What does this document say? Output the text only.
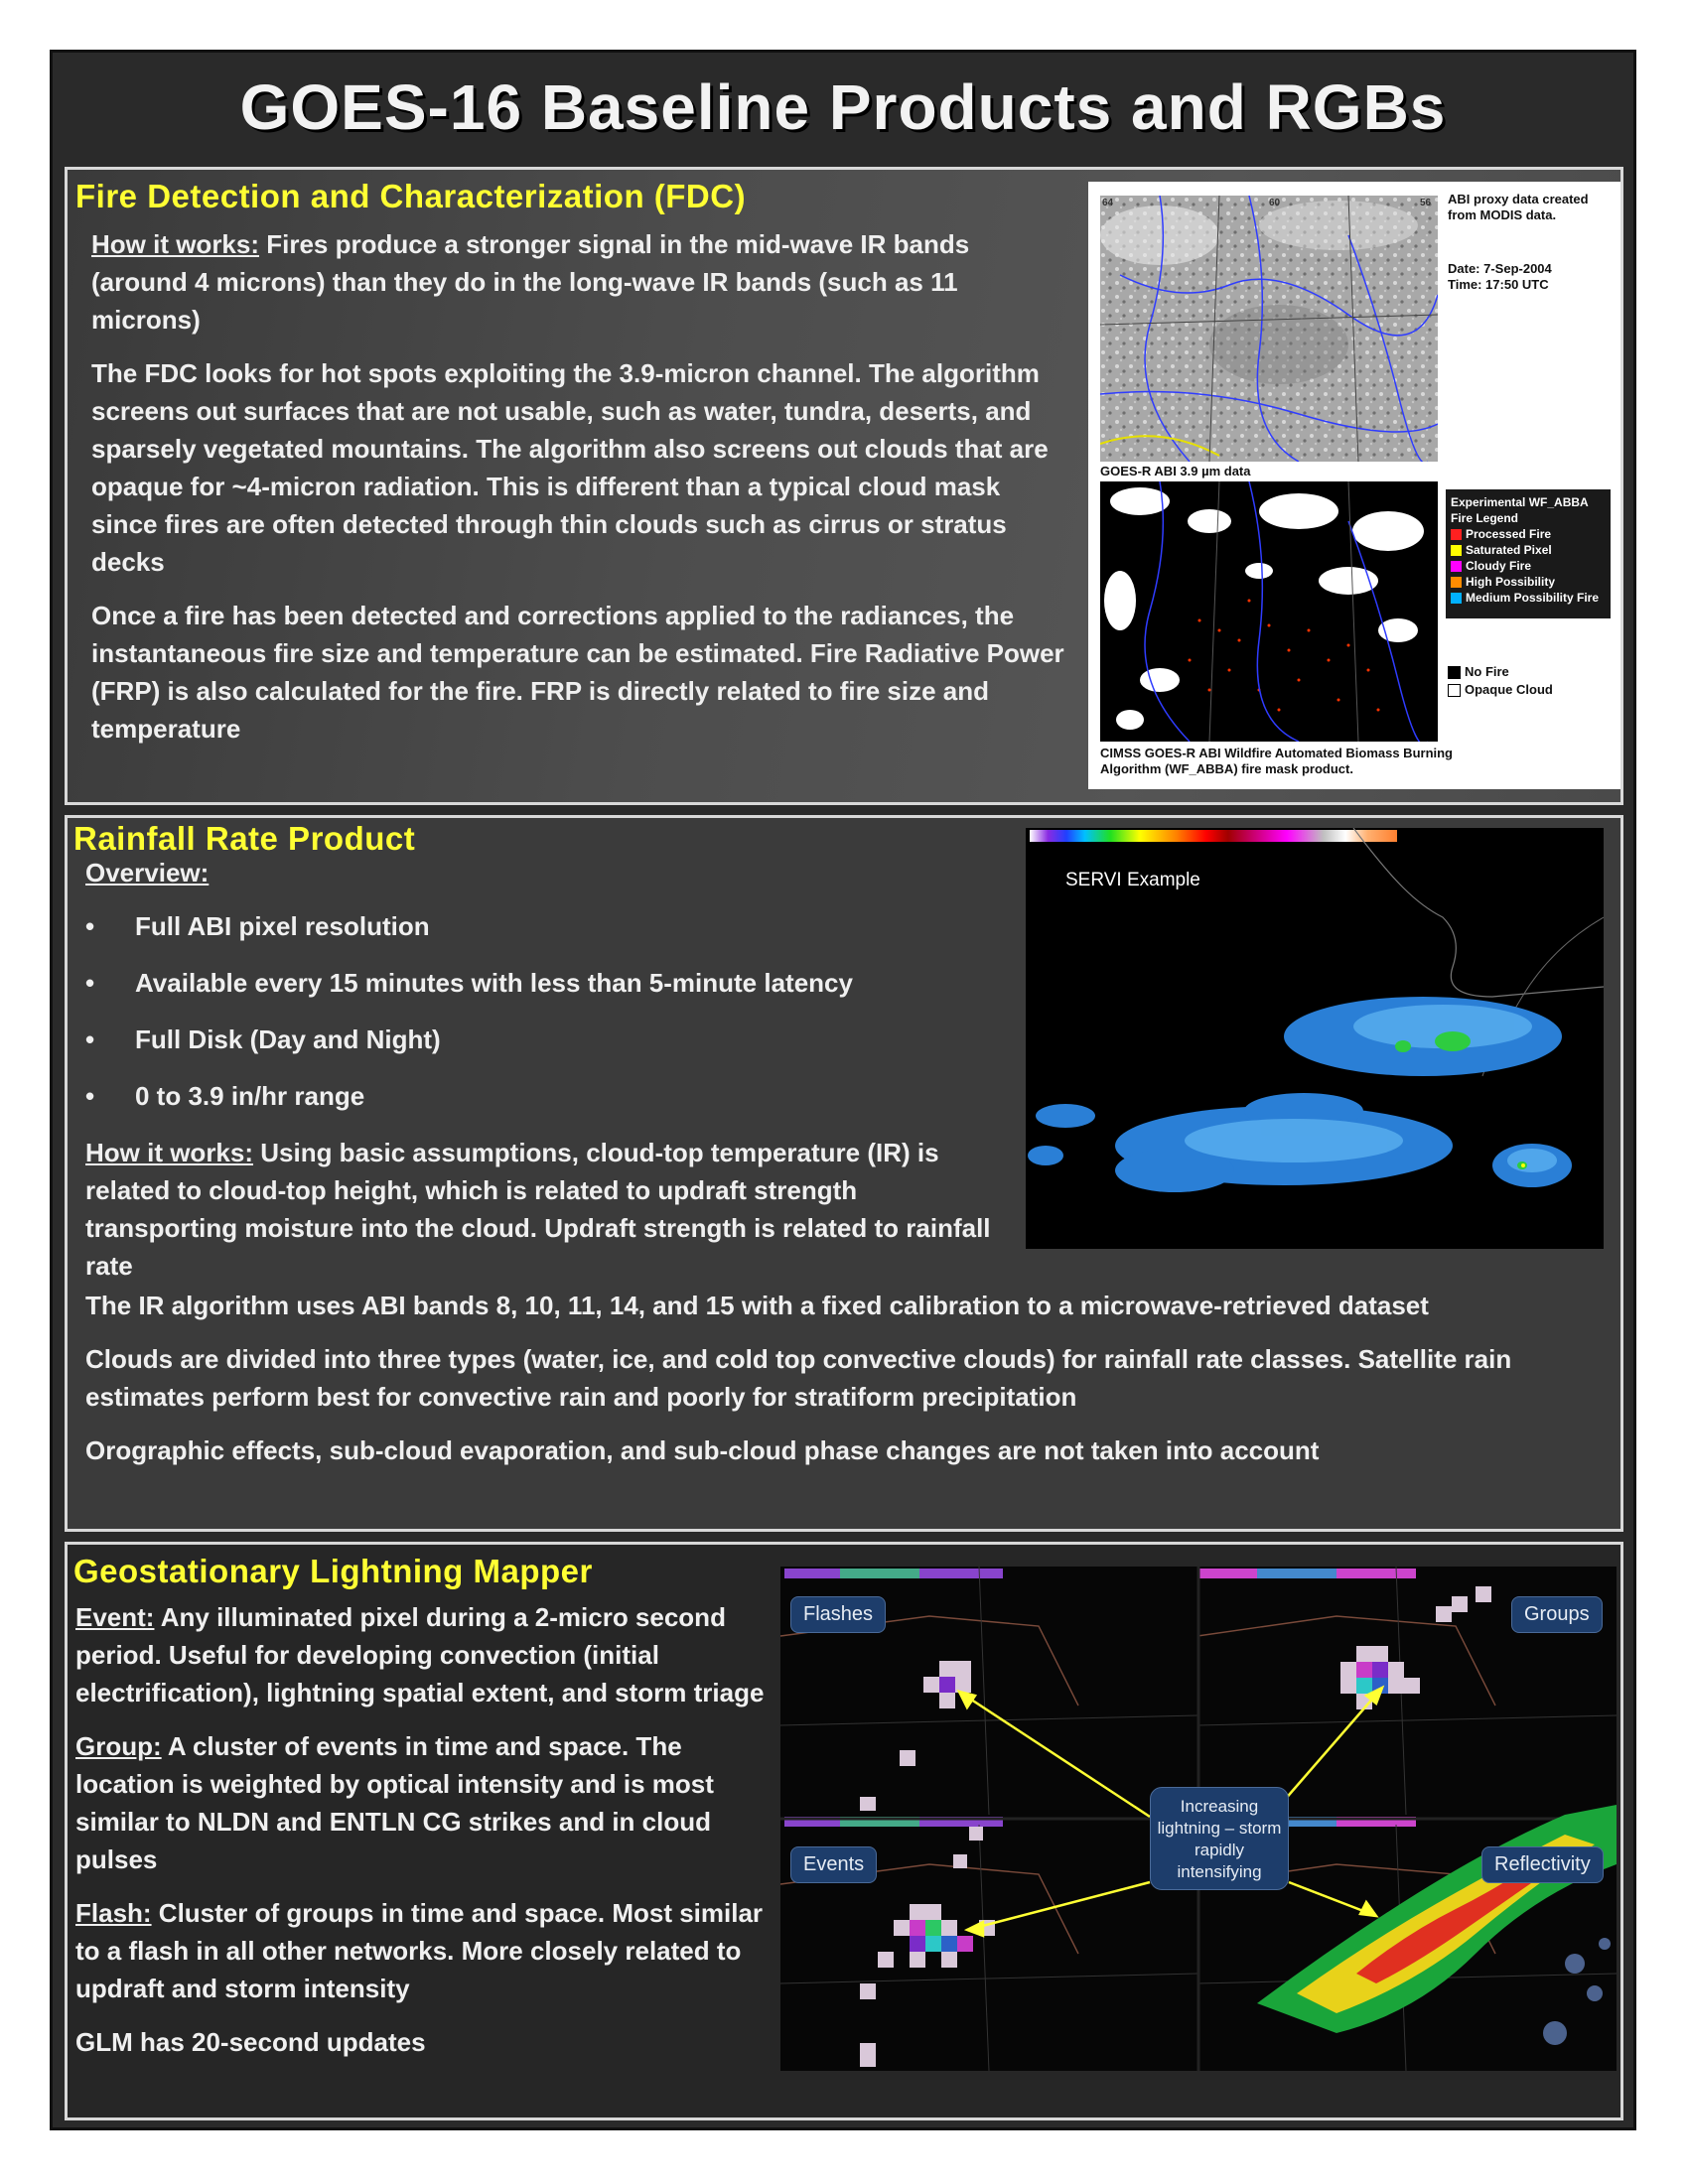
GOES-16 Baseline Products and RGBs
Fire Detection and Characterization (FDC)

How it works: Fires produce a stronger signal in the mid-wave IR bands (around 4 microns) than they do in the long-wave IR bands (such as 11 microns)

The FDC looks for hot spots exploiting the 3.9-micron channel. The algorithm screens out surfaces that are not usable, such as water, tundra, deserts, and sparsely vegetated mountains. The algorithm also screens out clouds that are opaque for ~4-micron radiation. This is different than a typical cloud mask since fires are often detected through thin clouds such as cirrus or stratus decks

Once a fire has been detected and corrections applied to the radiances, the instantaneous fire size and temperature can be estimated. Fire Radiative Power (FRP) is also calculated for the fire. FRP is directly related to fire size and temperature

64	60	56 ABI proxy data created from MODIS data.
Date: 7-Sep-2004
Time: 17:50 UTC
GOES-R ABI 3.9 µm data
Experimental WF_ABBA Fire Legend
Processed Fire
Saturated Pixel
Cloudy Fire
High Possibility
Medium Possibility Fire
No Fire
Opaque Cloud
CIMSS GOES-R ABI Wildfire Automated Biomass Burning Algorithm (WF_ABBA) fire mask product.
Rainfall Rate Product
Overview:
• Full ABI pixel resolution
• Available every 15 minutes with less than 5-minute latency
• Full Disk (Day and Night)
• 0 to 3.9 in/hr range

How it works: Using basic assumptions, cloud-top temperature (IR) is related to cloud-top height, which is related to updraft strength transporting moisture into the cloud. Updraft strength is related to rainfall rate

The IR algorithm uses ABI bands 8, 10, 11, 14, and 15 with a fixed calibration to a microwave-retrieved dataset

Clouds are divided into three types (water, ice, and cold top convective clouds) for rainfall rate classes. Satellite rain estimates perform best for convective rain and poorly for stratiform precipitation

Orographic effects, sub-cloud evaporation, and sub-cloud phase changes are not taken into account

SERVI Example
Geostationary Lightning Mapper

Event: Any illuminated pixel during a 2-micro second period. Useful for developing convection (initial electrification), lightning spatial extent, and storm triage

Group: A cluster of events in time and space. The location is weighted by optical intensity and is most similar to NLDN and ENTLN CG strikes and in cloud pulses

Flash: Cluster of groups in time and space. Most similar to a flash in all other networks. More closely related to updraft and storm intensity

GLM has 20-second updates

Flashes	Groups
Events	Reflectivity
Increasing lightning – storm rapidly intensifying
